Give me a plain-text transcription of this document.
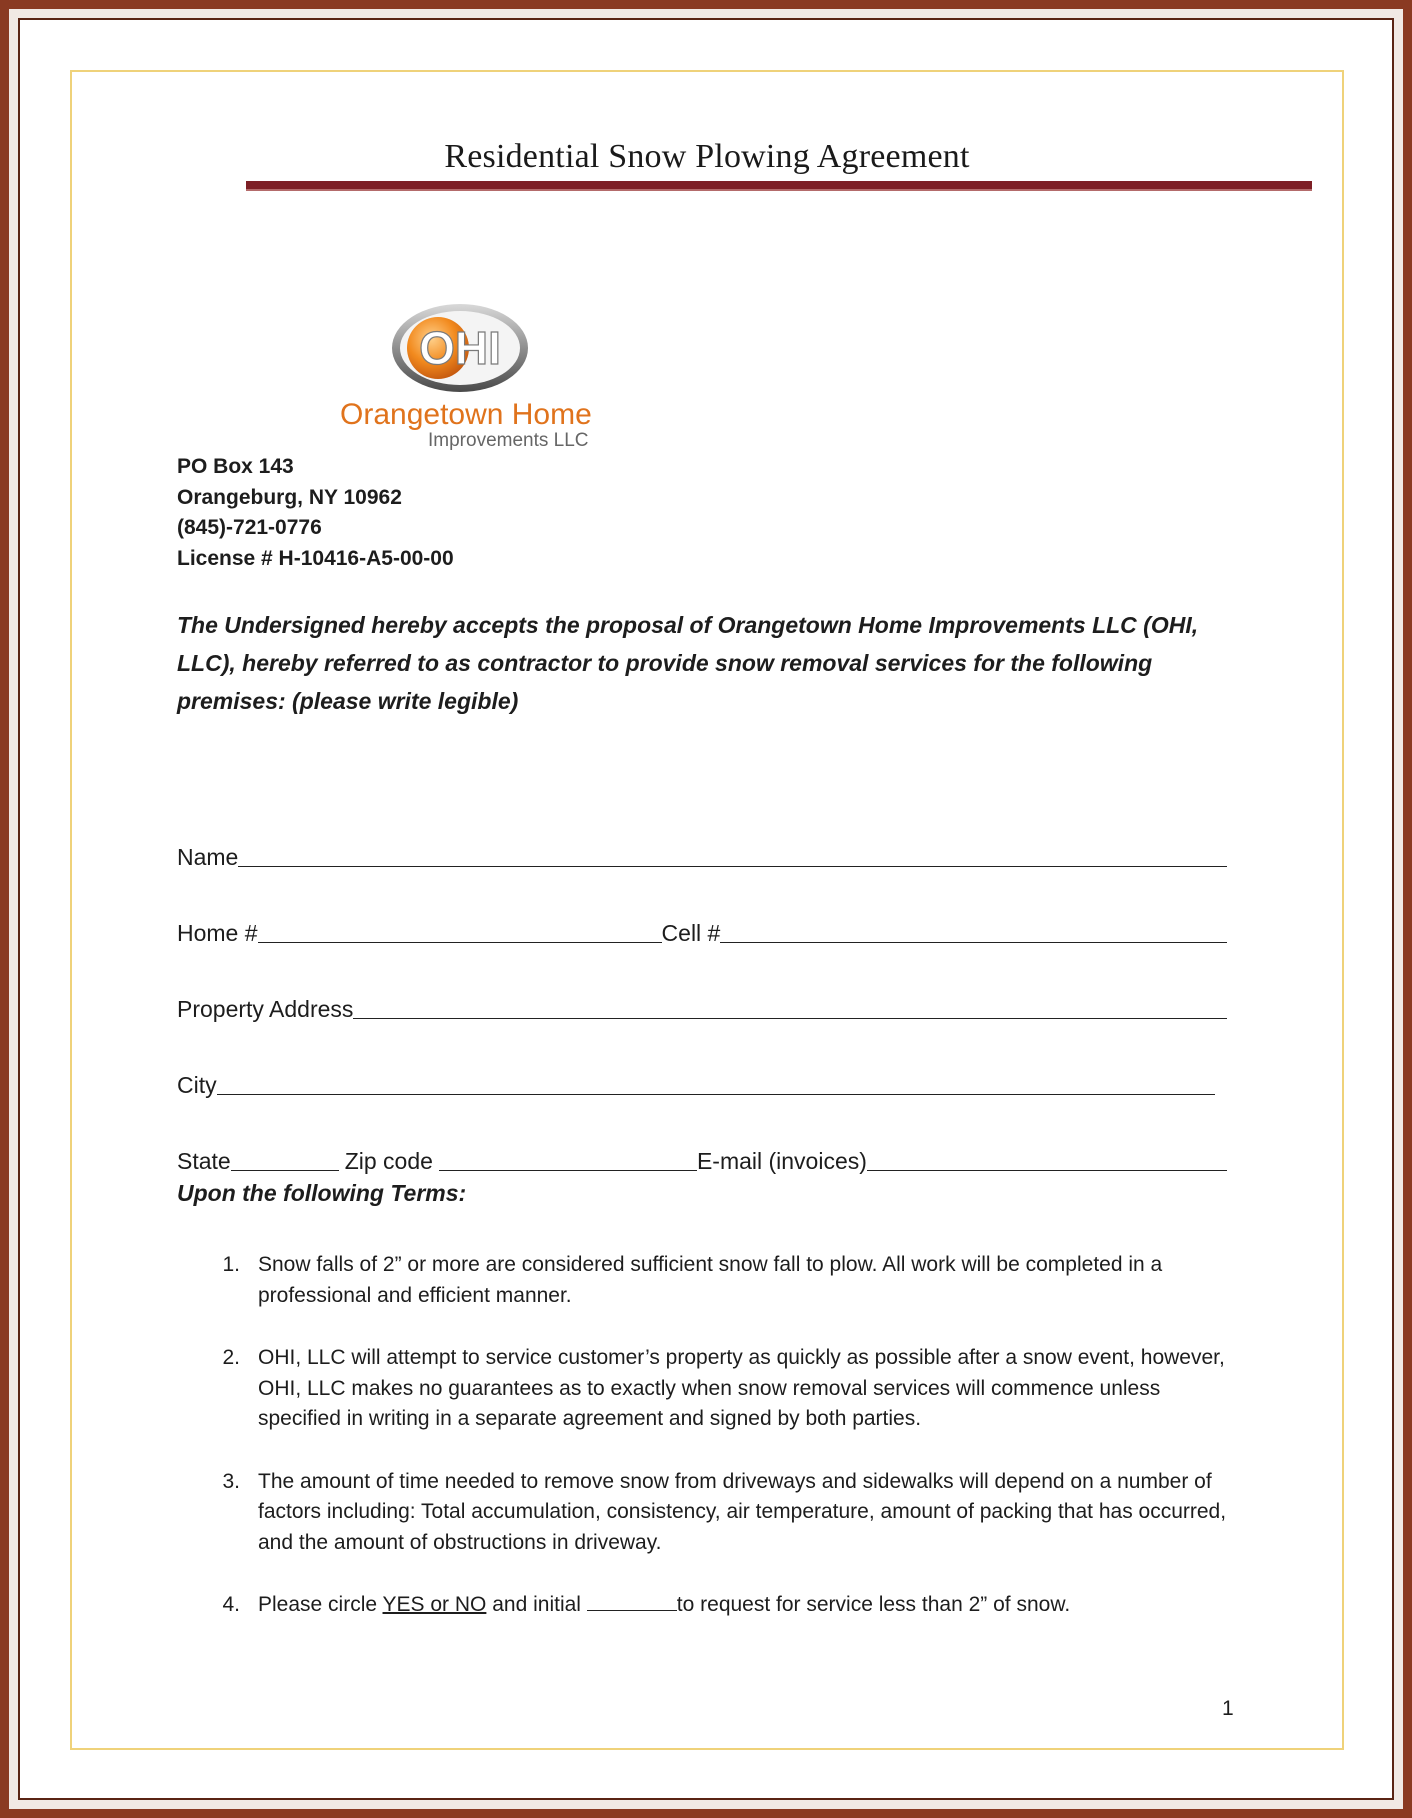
Residential Snow Plowing Agreement
OHI
Orangetown Home
Improvements LLC
PO Box 143
Orangeburg, NY 10962
(845)-721-0776
License # H-10416-A5-00-00
The Undersigned hereby accepts the proposal of Orangetown Home Improvements LLC (OHI, LLC), hereby referred to as contractor to provide snow removal services for the following premises: (please write legible)
Name
Home #	Cell #
Property Address
City
State	Zip code	E-mail (invoices)
Upon the following Terms:
1. Snow falls of 2” or more are considered sufficient snow fall to plow. All work will be completed in a professional and efficient manner.
2. OHI, LLC will attempt to service customer’s property as quickly as possible after a snow event, however, OHI, LLC makes no guarantees as to exactly when snow removal services will commence unless specified in writing in a separate agreement and signed by both parties.
3. The amount of time needed to remove snow from driveways and sidewalks will depend on a number of factors including: Total accumulation, consistency, air temperature, amount of packing that has occurred, and the amount of obstructions in driveway.
4. Please circle YES or NO and initial	to request for service less than 2” of snow.
1
